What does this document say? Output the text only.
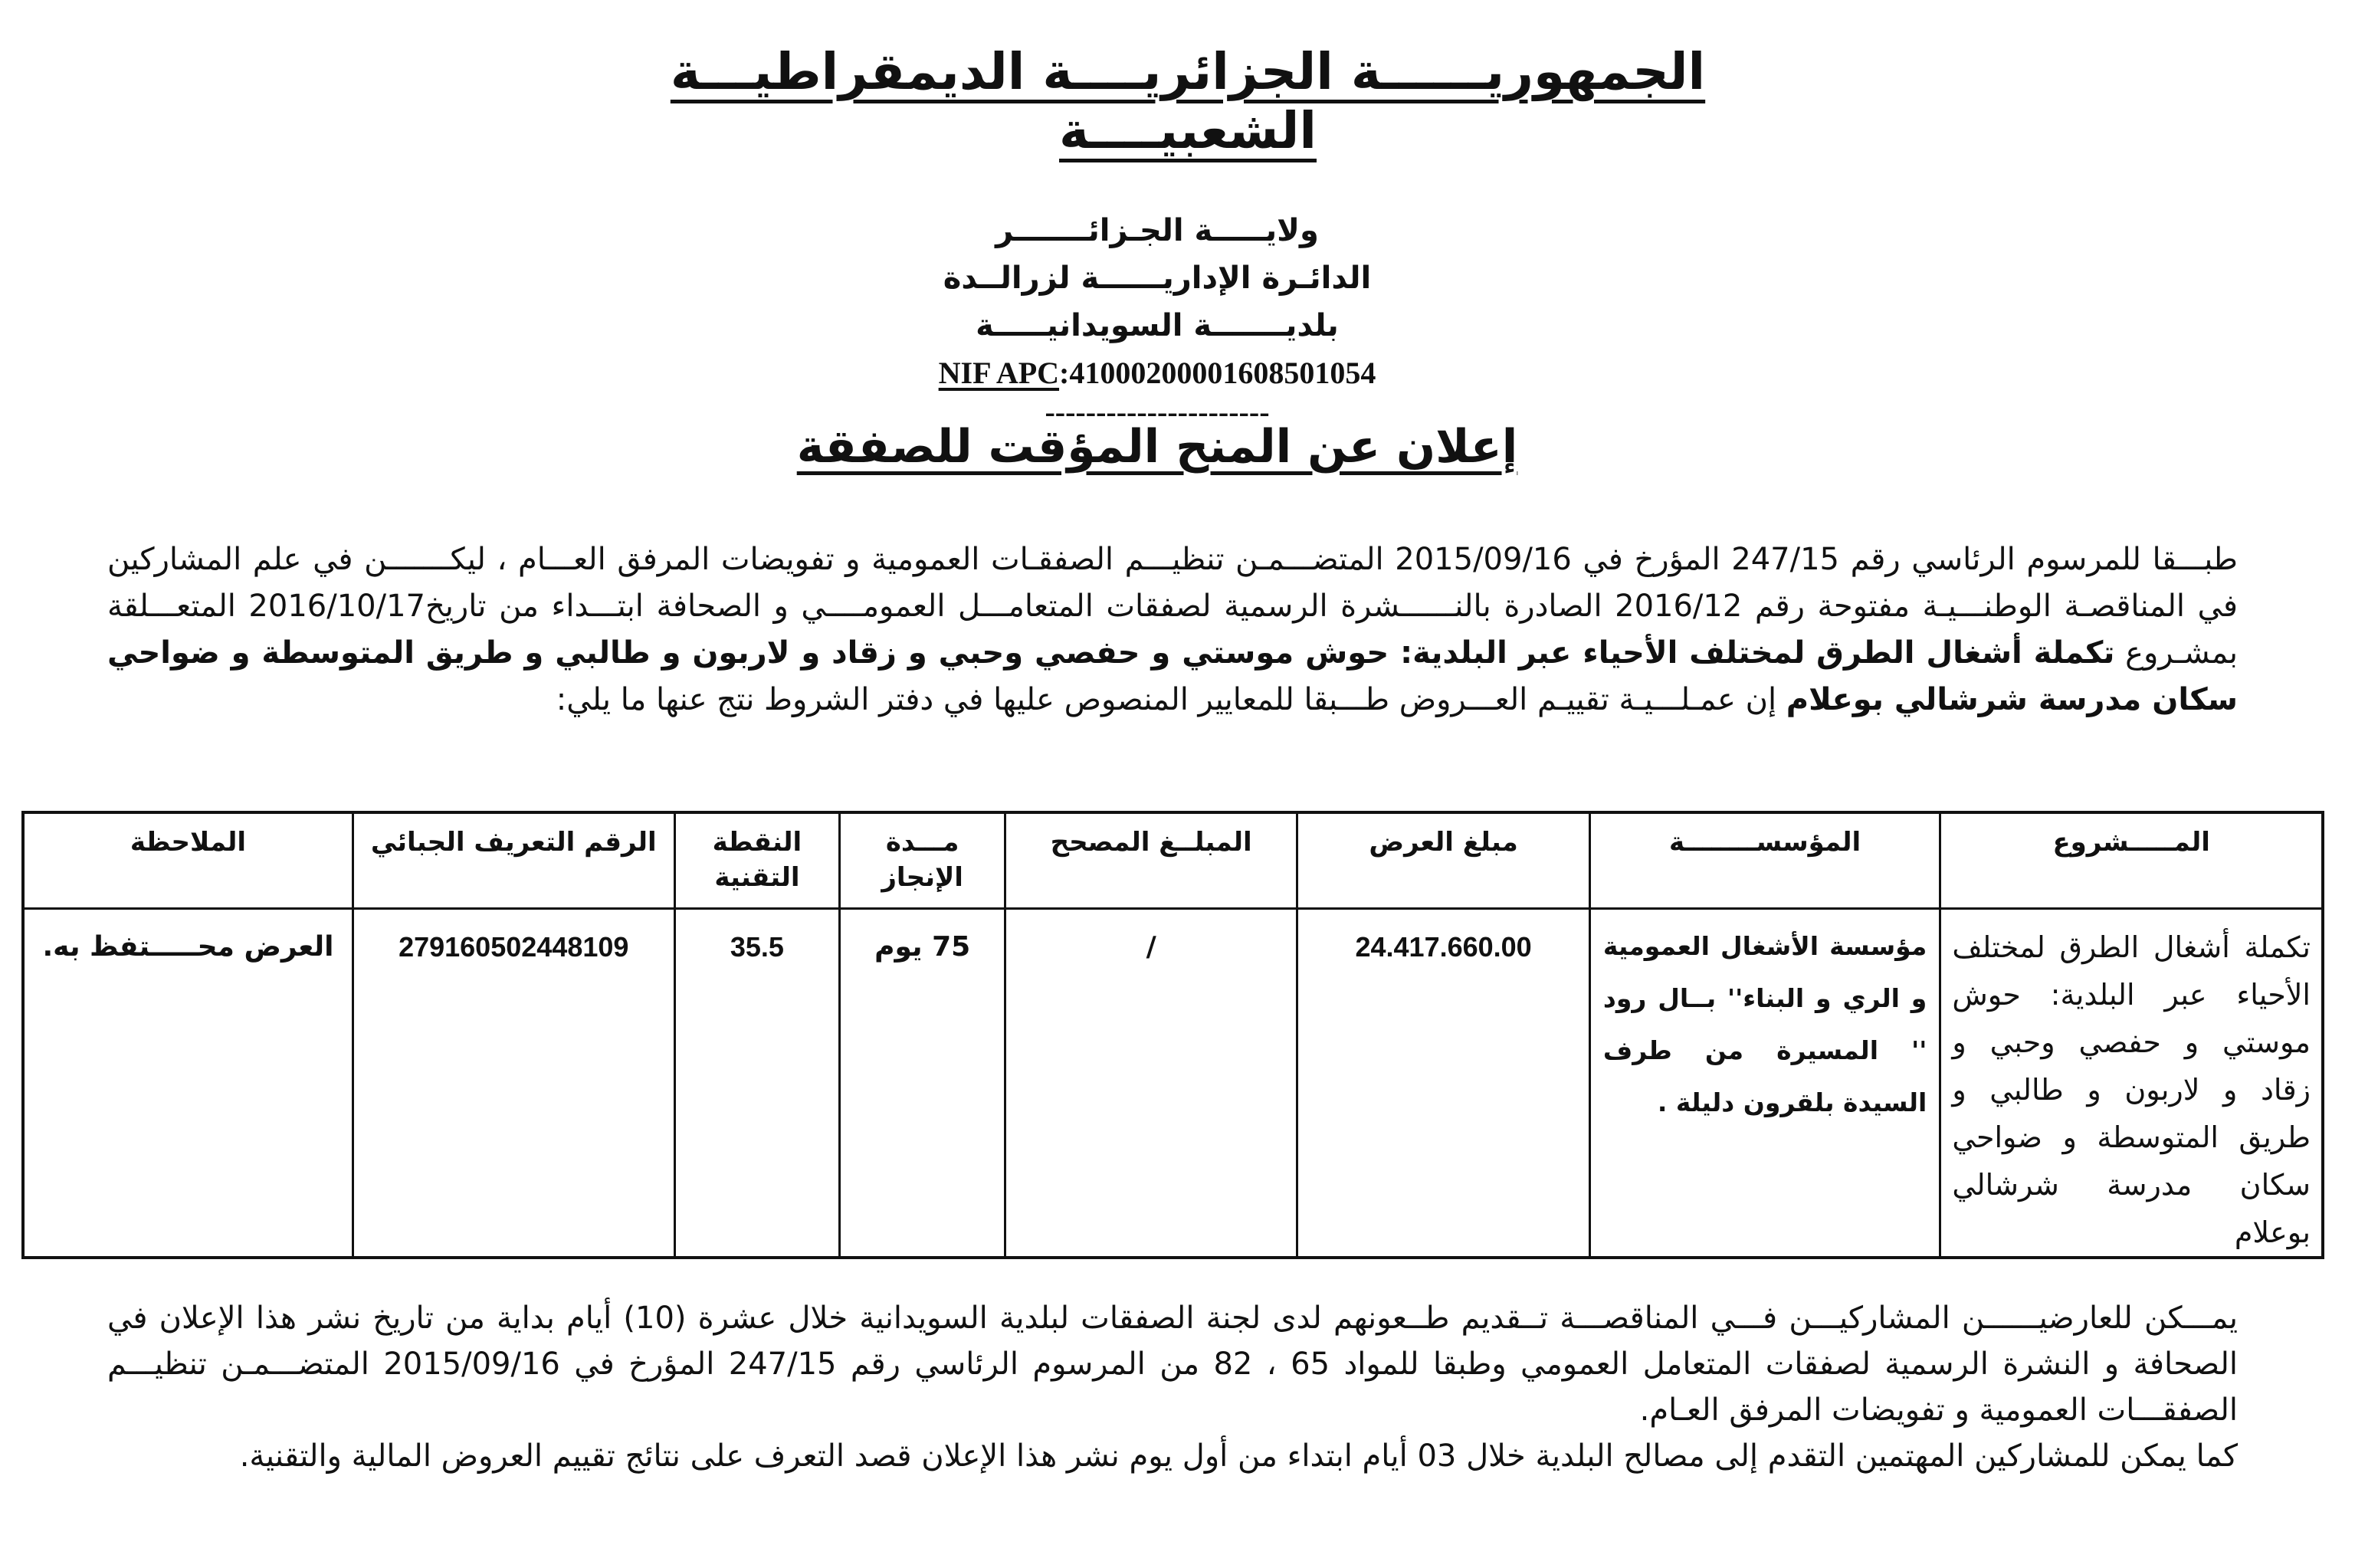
الجمهوريــــــة الجزائريــــة الديمقراطيـــة الشعبيــــة
ولايـــــة الجـزائـــــــر
الدائـرة الإداريــــــة لزرالــدة
بلديـــــــة السويدانيـــــة
NIF APC:41000200001608501054
----------------------
إعلان عن المنح المؤقت للصفقة
طبـــقا للمرسوم الرئاسي رقم 247/15 المؤرخ في 2015/09/16 المتضـــمـن تنظيـــم الصفقـات العمومية و تفويضات المرفق العـــام ، ليكـــــــن في علم المشاركين في المناقصـة الوطنـــيـة مفتوحة رقم 2016/12 الصادرة بالنــــــشرة الرسمية لصفقات المتعامـــل العمومــــي و الصحافة ابتـــداء من تاريخ2016/10/17 المتعـــلقة بمشـروع تكملة أشغال الطرق لمختلف الأحياء عبر البلدية: حوش موستي و حفصي وحبي و زقاد و لاربون و طالبي و طريق المتوسطة و ضواحي سكان مدرسة شرشالي بوعلام إن عمـلـــيـة تقييـم العـــروض طـــبقا للمعايير المنصوص عليها في دفتر الشروط نتج عنها ما يلي:
المـــــشروع	المؤسســــــــة	مبلغ العرض	المبلــغ المصحح	مـــدة الإنجاز	النقطة التقنية	الرقم التعريف الجبائي	الملاحظة
تكملة أشغال الطرق لمختلف الأحياء عبر البلدية: حوش موستي و حفصي وحبي و زقاد و لاربون و طالبي و طريق المتوسطة و ضواحي سكان مدرسة شرشالي بوعلام	مؤسسة الأشغال العمومية و الري و البناء'' بــال رود '' المسيرة من طرف السيدة بلقرون دليلة .	24.417.660.00	/	75 يوم	35.5	279160502448109	العرض محـــــتفظ به.

يمـــكن للعارضيــــــن المشاركيـــن فـــي المناقصـــة تــقديم طــعونهم لدى لجنة الصفقات لبلدية السويدانية خلال عشرة (10) أيام بداية من تاريخ نشر هذا الإعلان في الصحافة و النشرة الرسمية لصفقات المتعامل العمومي وطبقا للمواد 65 ، 82 من المرسوم الرئاسي رقم 247/15 المؤرخ في 2015/09/16 المتضـــمـن تنظيـــم الصفقـــات العمومية و تفويضات المرفق العـام.

كما يمكن للمشاركين المهتمين التقدم إلى مصالح البلدية خلال 03 أيام ابتداء من أول يوم نشر هذا الإعلان قصد التعرف على نتائج تقييم العروض المالية والتقنية.
